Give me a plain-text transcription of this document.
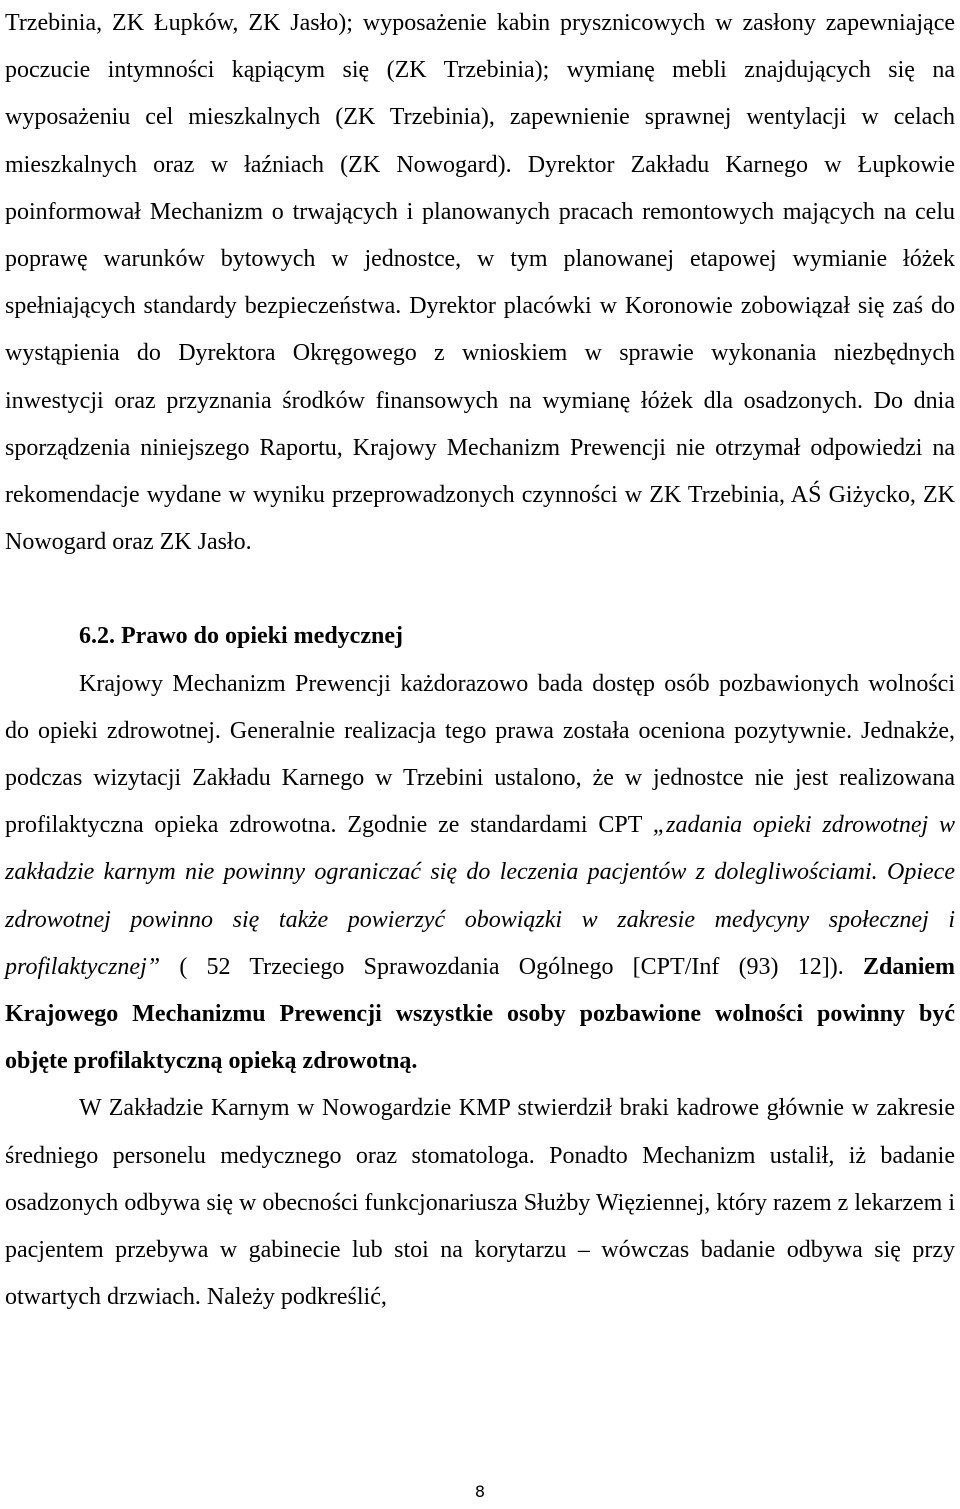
Trzebinia, ZK Łupków, ZK Jasło); wyposażenie kabin prysznicowych w zasłony zapewniające poczucie intymności kąpiącym się (ZK Trzebinia); wymianę mebli znajdujących się na wyposażeniu cel mieszkalnych (ZK Trzebinia), zapewnienie sprawnej wentylacji w celach mieszkalnych oraz w łaźniach (ZK Nowogard). Dyrektor Zakładu Karnego w Łupkowie poinformował Mechanizm o trwających i planowanych pracach remontowych mających na celu poprawę warunków bytowych w jednostce, w tym planowanej etapowej wymianie łóżek spełniających standardy bezpieczeństwa. Dyrektor placówki w Koronowie zobowiązał się zaś do wystąpienia do Dyrektora Okręgowego z wnioskiem w sprawie wykonania niezbędnych inwestycji oraz przyznania środków finansowych na wymianę łóżek dla osadzonych. Do dnia sporządzenia niniejszego Raportu, Krajowy Mechanizm Prewencji nie otrzymał odpowiedzi na rekomendacje wydane w wyniku przeprowadzonych czynności w ZK Trzebinia, AŚ Giżycko, ZK Nowogard oraz ZK Jasło.

6.2. Prawo do opieki medycznej

Krajowy Mechanizm Prewencji każdorazowo bada dostęp osób pozbawionych wolności do opieki zdrowotnej. Generalnie realizacja tego prawa została oceniona pozytywnie. Jednakże, podczas wizytacji Zakładu Karnego w Trzebini ustalono, że w jednostce nie jest realizowana profilaktyczna opieka zdrowotna. Zgodnie ze standardami CPT „zadania opieki zdrowotnej w zakładzie karnym nie powinny ograniczać się do leczenia pacjentów z dolegliwościami. Opiece zdrowotnej powinno się także powierzyć obowiązki w zakresie medycyny społecznej i profilaktycznej” ( 52 Trzeciego Sprawozdania Ogólnego [CPT/Inf (93) 12]). Zdaniem Krajowego Mechanizmu Prewencji wszystkie osoby pozbawione wolności powinny być objęte profilaktyczną opieką zdrowotną.

W Zakładzie Karnym w Nowogardzie KMP stwierdził braki kadrowe głównie w zakresie średniego personelu medycznego oraz stomatologa. Ponadto Mechanizm ustalił, iż badanie osadzonych odbywa się w obecności funkcjonariusza Służby Więziennej, który razem z lekarzem i pacjentem przebywa w gabinecie lub stoi na korytarzu – wówczas badanie odbywa się przy otwartych drzwiach. Należy podkreślić,

8
